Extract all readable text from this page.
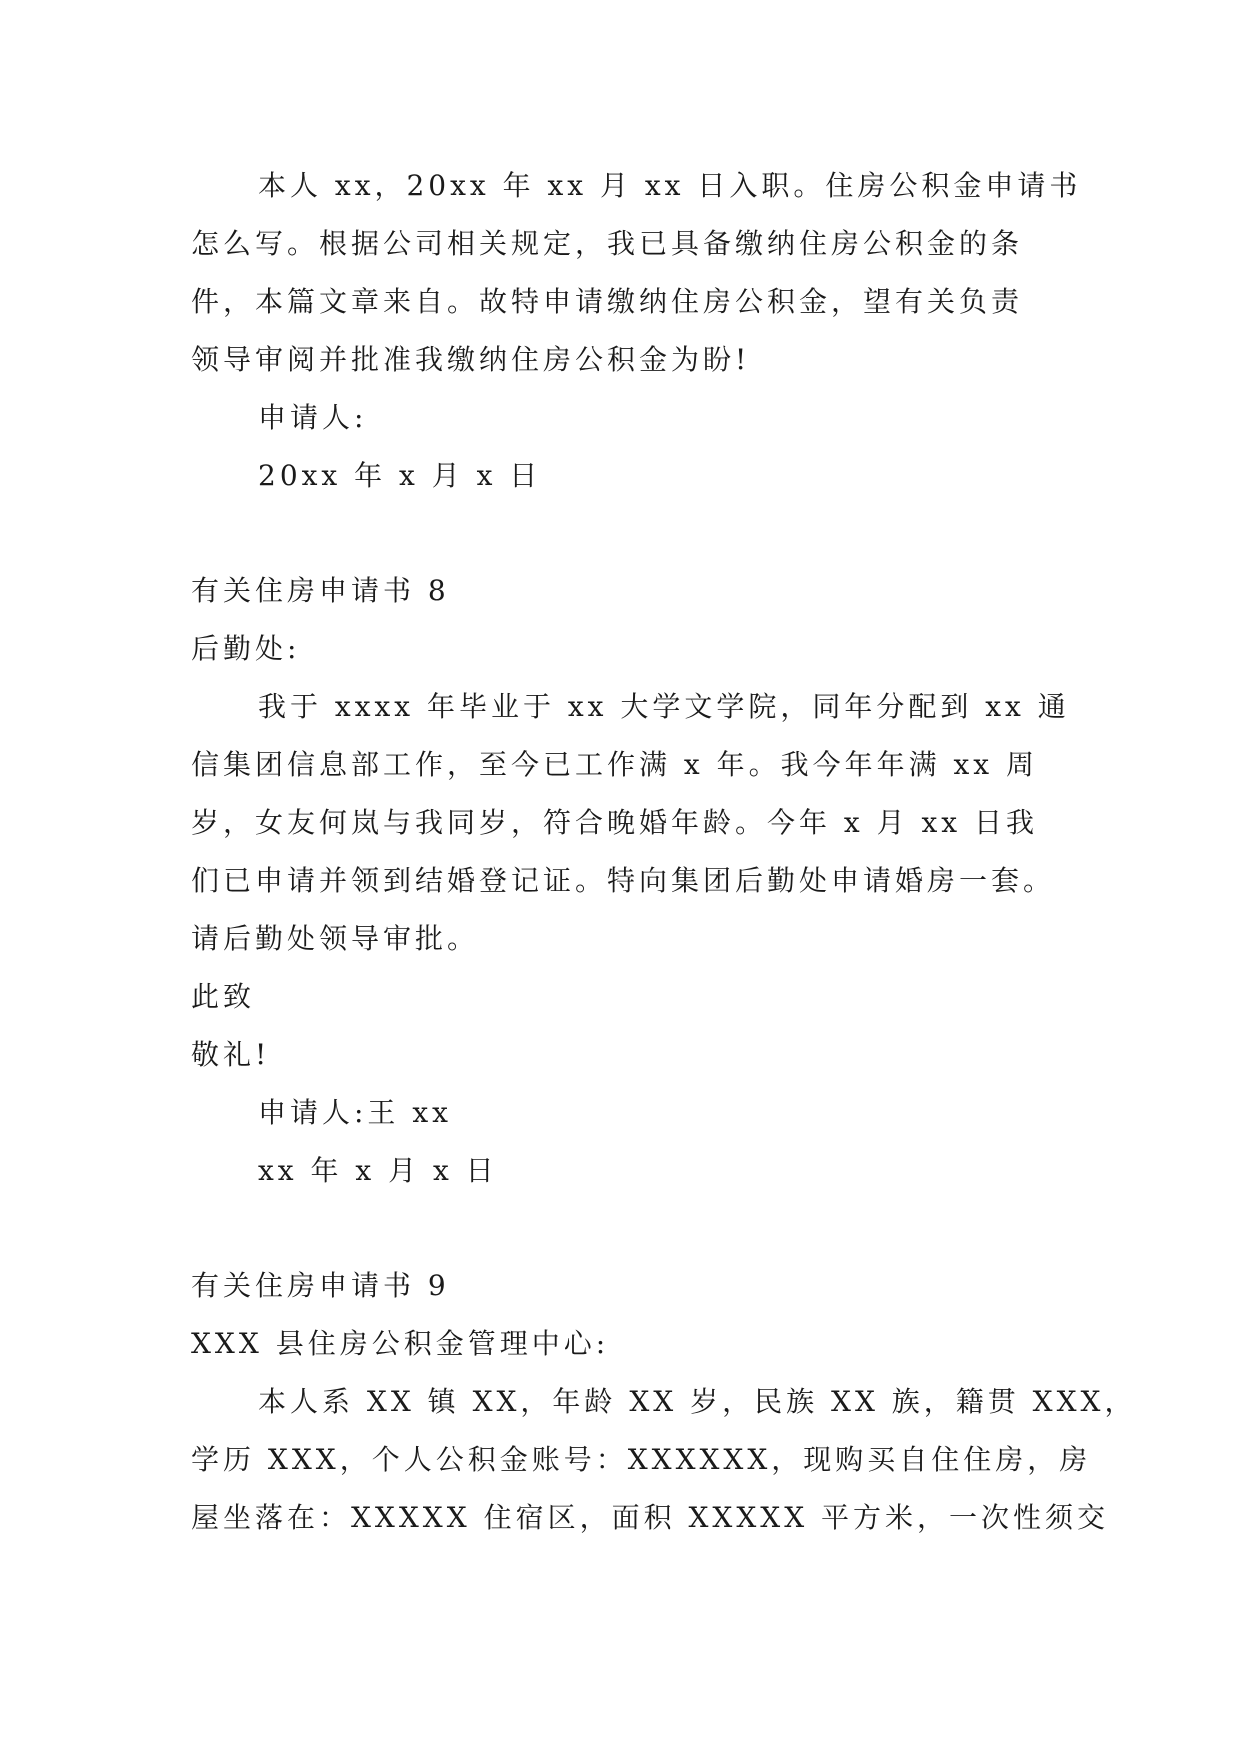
本人 xx，20xx 年 xx 月 xx 日入职。住房公积金申请书
怎么写。根据公司相关规定，我已具备缴纳住房公积金的条
件，本篇文章来自。故特申请缴纳住房公积金，望有关负责
领导审阅并批准我缴纳住房公积金为盼!
申请人:
20xx 年 x 月 x 日
有关住房申请书 8
后勤处:
我于 xxxx 年毕业于 xx 大学文学院，同年分配到 xx 通
信集团信息部工作，至今已工作满 x 年。我今年年满 xx 周
岁，女友何岚与我同岁，符合晚婚年龄。今年 x 月 xx 日我
们已申请并领到结婚登记证。特向集团后勤处申请婚房一套。
请后勤处领导审批。
此致
敬礼!
申请人:王 xx
xx 年 x 月 x 日
有关住房申请书 9
XXX 县住房公积金管理中心:
本人系 XX 镇 XX，年龄 XX 岁，民族 XX 族，籍贯 XXX，
学历 XXX，个人公积金账号：XXXXXX，现购买自住住房，房
屋坐落在：XXXXX 住宿区，面积 XXXXX 平方米，一次性须交
